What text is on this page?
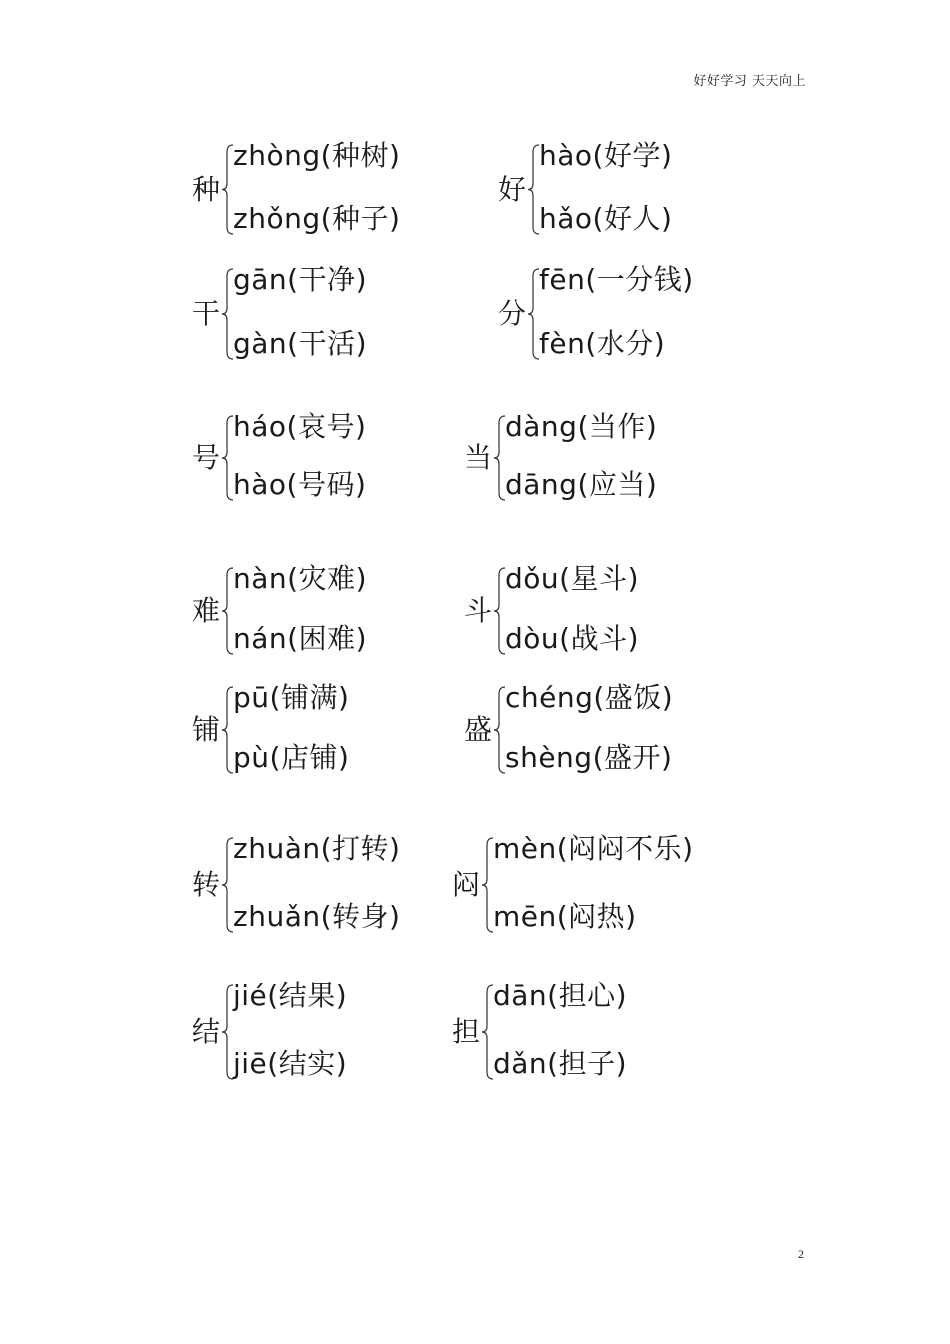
好好学习 天天向上
种
zhòng(种树)
zhǒng(种子)
好
hào(好学)
hǎo(好人)
干
gān(干净)
gàn(干活)
分
fēn(一分钱)
fèn(水分)
号
háo(哀号)
hào(号码)
当
dàng(当作)
dāng(应当)
难
nàn(灾难)
nán(困难)
斗
dǒu(星斗)
dòu(战斗)
铺
pū(铺满)
pù(店铺)
盛
chéng(盛饭)
shèng(盛开)
转
zhuàn(打转)
zhuǎn(转身)
闷
mèn(闷闷不乐)
mēn(闷热)
结
jié(结果)
jiē(结实)
担
dān(担心)
dǎn(担子)
2
